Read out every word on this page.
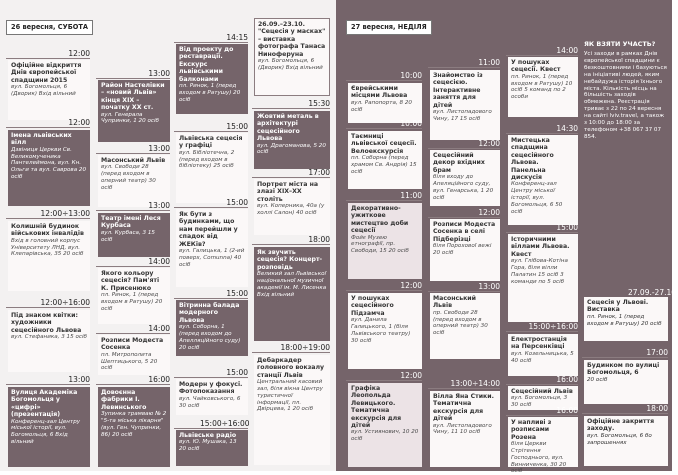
26 вересня, СУБОТА
12:00
Офіційне відкриття Днів європейської спадщини 2015
вул. Богомольця, 6 (Дворик) Вхід вільний
12:00
Імена львівських вілл
Дзвіниця Церкви Св. Великомученика Пантелеймона, вул. Кн. Ольги та вул. Саврова 20 осіб
12:00÷13:00
Колишній будинок військових інвалідів
Вхід в головний корпус Університету ЛНД, вул. Клепарівська, 35 20 осіб
12:00÷16:00
Під знаком квітки: художники сецесійного Львова
вул. Стефаника, 3 15 осіб
13:00
Вулиця Академіка Богомольця у «цифрі» (презентація)
Конференц-зал Центру міської історії, вул. Богомольця, 6 Вхід вільний
13:00
Район Настелівки – «новий Львів» кінця XIX – початку XX ст.
вул. Генерала Чупринки, 1 20 осіб
13:00
Масонський Львів
вул. Свободи 28 (перед входом в оперний театр) 30 осіб
13:00
Театр імені Леся Курбаса
вул. Курбаса, 3 15 осіб
14:00
Якого кольору сецесія? Пам'яті К. Присенюко
пл. Ринок, 1 (перед входом в Ратушу) 20 осіб
14:00
Розписи Модеста Сосенка
пл. Митрополита Шептицького, 5 20 осіб
16:00
Довоєнна фабрики І. Левинського
Зупинка трамваю № 2 "5-та міська лікарня" (вул. Ген. Чупринки, 86) 20 осіб
14:15
Від проекту до реставрації. Екскурс львівськими балконами
пл. Ринок, 1 (перед входом в Ратушу) 20 осіб
15:00
Львівська сецесія у графіці
вул. Бібліотечна, 2 (перед входом в бібліотеку) 25 осіб
15:00
Як бути з будинками, що нам перейшли у спадок від ЖЕКів?
вул. Галицька, 1 (2-ий поверх, Comunna) 40 осіб
15:00
Вітринна балада модерного Львова
вул. Соборна, 1 (перед входом до Апелляційного суду) 20 осіб
15:00
Модерн у фокусі. Фотопоказання
вул. Чайковського, 6 30 осіб
15:00÷16:00
Львівське радіо
вул. Ю. Мушака, 13 20 осіб
26.09.–23.10. "Сецесія у масках" – виставка фотографа Танаса Ниноферуна
вул. Богомольця, 6 (Дворик) Вхід вільний
15:30
Жовтий металь в архітектурі сецесійного Львова
вул. Драгоманова, 5 20 осіб
17:00
Портрет міста на злазі XIX–XX століть
вул. Коперника, 40а (у холлі Салон) 40 осіб
18:00
Як звучить сецесія? Концерт-розповідь
Великий зал Львівської національної музичної академії ім. М. Лисенка Вхід вільний
18:00÷19:00
Дебаркадер головного вокзалу станції Львів
Центральний касовий зал, біля вікна Центру туристичної інформації, пл. Двірцева, 1 20 осіб
27 вересня, НЕДІЛЯ
10:00
Єврейськими місцями Львова
вул. Рапопорта, 8 20 осіб
10:00
Таємниці львівської сецесії. Велоекскурсія
пл. Соборна (перед храмом Св. Андрія) 15 осіб
11:00
Декоративно-ужиткове мистецтво доби сецесії
Фойє Музею етнографії, пр. Свободи, 15 20 осіб
12:00
У пошуках сецесійного Підзамча
вул. Данила Галицького, 1 (біля Львівського театру) 30 осіб
12:00
Графіка Леопольда Левицького. Тематична екскурсія для дітей
вул. Устиянович, 10 20 осіб
11:00
Знайомство із сецесією. Інтерактивне заняття для дітей
вул. Листопадового Чину, 17 15 осіб
12:00
Сецесійний декор вхідних брам
біля входу до Апеляційного суду, вул. Генарська, 1 20 осіб
12:00
Розписи Модеста Сосенка в селі Підберізці
біля Порохової вежі 20 осіб
13:00
Масонський Львів
пр. Свободи 28 (перед входом в оперний театр) 30 осіб
13:00÷14:00
Вілла Яна Стики. Тематична екскурсія для дітей
вул. Листопадового Чину, 11 10 осіб
14:00
У пошуках сецесії. Квест
пл. Ринок, 1 (перед входом в Ратушу) 10 осіб 5 команд по 2 особи
14:30
Мистецька спадщина сецесійного Львова. Панельна дискусія
Конференц-зал Центру міської історії, вул. Богомольця, 6 50 осіб
15:00
Історичними віллами Львова. Квест
вул. Глібова-Котіна Гора, біля вілли Палатин 15 осіб 3 команди по 5 осіб
15:00÷16:00
Електростанція на Персенківці
вул. Козельницька, 5 40 осіб
16:00
Сецесійний Львів
вул. Богомольця, 3 30 осіб
16:00
У напливі з розписами Розена
біля Церкви Стрітення Господнього, вул. Винниченка, 30 20 осіб
ЯК ВЗЯТИ УЧАСТЬ?
Усі заходи в рамках Днів європейської спадщини є безкоштовними і базуються на ініціативі людей, яким небайдужа історія їхнього міста. Кількість місць на більшість заходів обмежена. Реєстрація триває з 22 по 24 вересня на сайті lviv.travel, а також з 10:00 до 18:00 за телефоном +38 067 37 07 854.
27.09.-27.10.
Сецесія у Львові. Виставка
пл. Ринок, 1 (перед входом в Ратушу) 20 осіб
17:00
Будинком по вулиці Богомольця, 6
20 осіб
18:00
Офіційне закриття заходу.
вул. Богомольця, 6 бо запрошеннях
